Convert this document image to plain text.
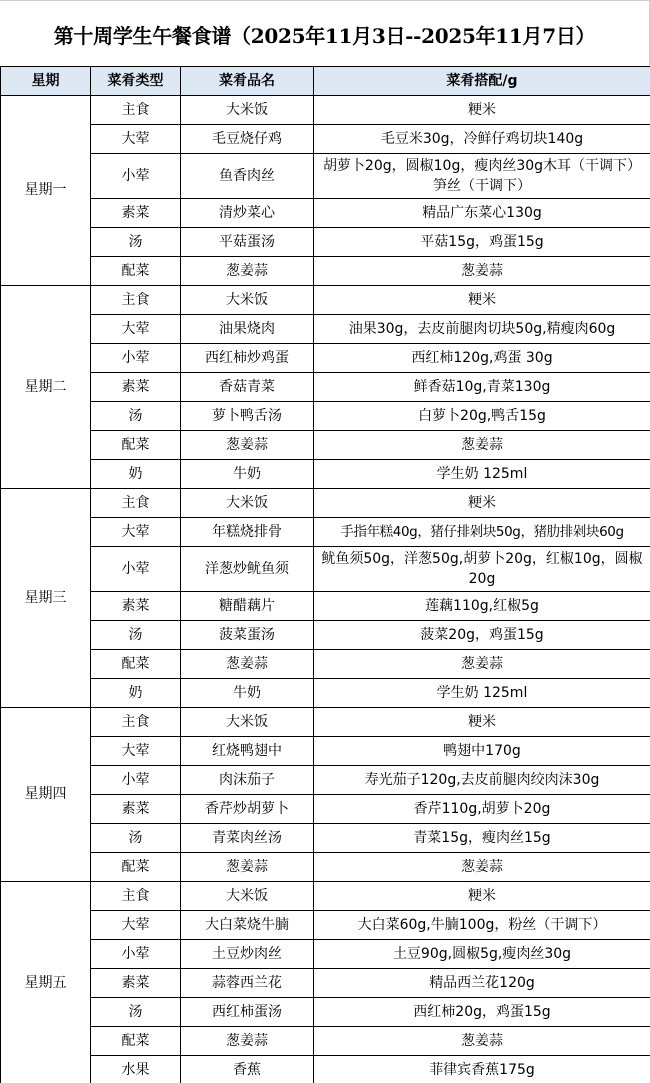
第十周学生午餐食谱（2025年11月3日--2025年11月7日）
星期	菜肴类型	菜肴品名	菜肴搭配/g
星期一	主食	大米饭	粳米
	大荤	毛豆烧仔鸡	毛豆米30g，冷鲜仔鸡切块140g
	小荤	鱼香肉丝	胡萝卜20g，圆椒10g，瘦肉丝30g木耳（干调下）笋丝（干调下）
	素菜	清炒菜心	精品广东菜心130g
	汤	平菇蛋汤	平菇15g，鸡蛋15g
	配菜	葱姜蒜	葱姜蒜
星期二	主食	大米饭	粳米
	大荤	油果烧肉	油果30g，去皮前腿肉切块50g,精瘦肉60g
	小荤	西红柿炒鸡蛋	西红柿120g,鸡蛋 30g
	素菜	香菇青菜	鲜香菇10g,青菜130g
	汤	萝卜鸭舌汤	白萝卜20g,鸭舌15g
	配菜	葱姜蒜	葱姜蒜
	奶	牛奶	学生奶 125ml
星期三	主食	大米饭	粳米
	大荤	年糕烧排骨	手指年糕40g，猪仔排剁块50g，猪肋排剁块60g
	小荤	洋葱炒鱿鱼须	鱿鱼须50g，洋葱50g,胡萝卜20g，红椒10g，圆椒20g
	素菜	糖醋藕片	莲藕110g,红椒5g
	汤	菠菜蛋汤	菠菜20g，鸡蛋15g
	配菜	葱姜蒜	葱姜蒜
	奶	牛奶	学生奶 125ml
星期四	主食	大米饭	粳米
	大荤	红烧鸭翅中	鸭翅中170g
	小荤	肉沫茄子	寿光茄子120g,去皮前腿肉绞肉沫30g
	素菜	香芹炒胡萝卜	香芹110g,胡萝卜20g
	汤	青菜肉丝汤	青菜15g，瘦肉丝15g
	配菜	葱姜蒜	葱姜蒜
星期五	主食	大米饭	粳米
	大荤	大白菜烧牛腩	大白菜60g,牛腩100g，粉丝（干调下）
	小荤	土豆炒肉丝	土豆90g,圆椒5g,瘦肉丝30g
	素菜	蒜蓉西兰花	精品西兰花120g
	汤	西红柿蛋汤	西红柿20g，鸡蛋15g
	配菜	葱姜蒜	葱姜蒜
	水果	香蕉	菲律宾香蕉175g
